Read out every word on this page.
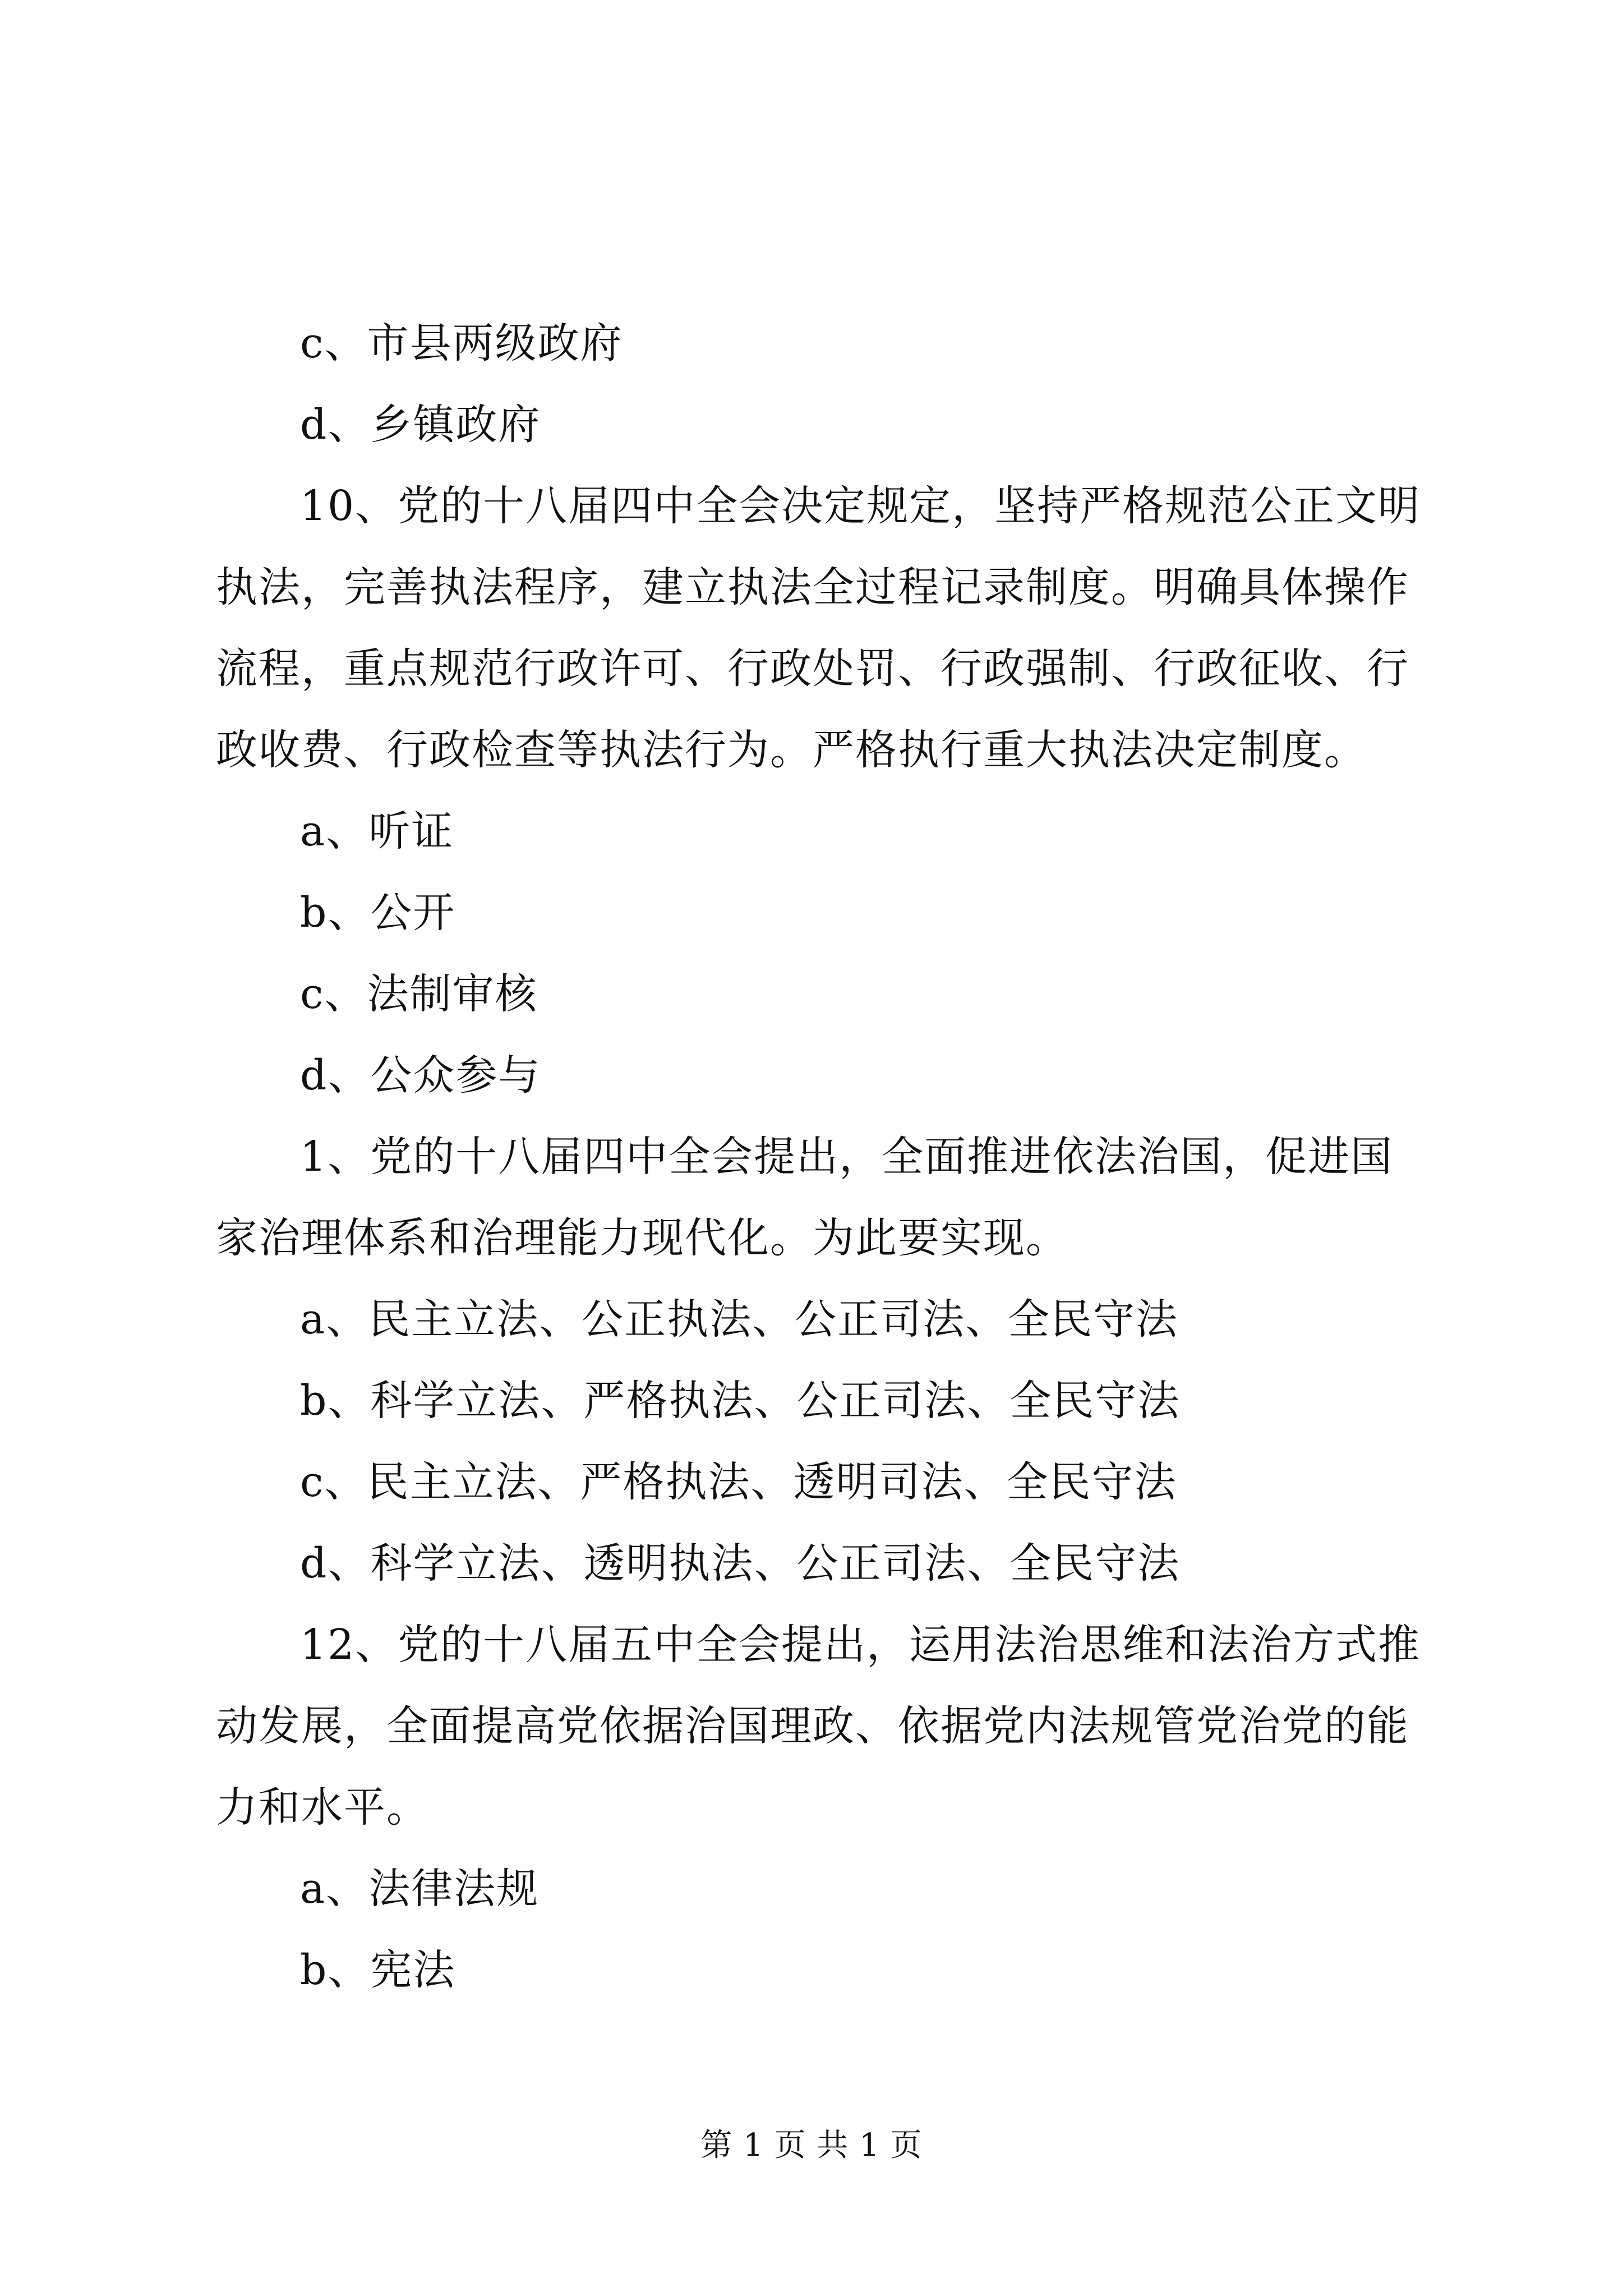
c、市县两级政府

d、乡镇政府

10、党的十八届四中全会决定规定，坚持严格规范公正文明

执法，完善执法程序，建立执法全过程记录制度。明确具体操作

流程，重点规范行政许可、行政处罚、行政强制、行政征收、行

政收费、行政检查等执法行为。严格执行重大执法决定制度。

a、听证

b、公开

c、法制审核

d、公众参与

1、党的十八届四中全会提出，全面推进依法治国，促进国

家治理体系和治理能力现代化。为此要实现。

a、民主立法、公正执法、公正司法、全民守法

b、科学立法、严格执法、公正司法、全民守法

c、民主立法、严格执法、透明司法、全民守法

d、科学立法、透明执法、公正司法、全民守法

12、党的十八届五中全会提出，运用法治思维和法治方式推

动发展，全面提高党依据治国理政、依据党内法规管党治党的能

力和水平。

a、法律法规

b、宪法

第 1 页 共 1 页
